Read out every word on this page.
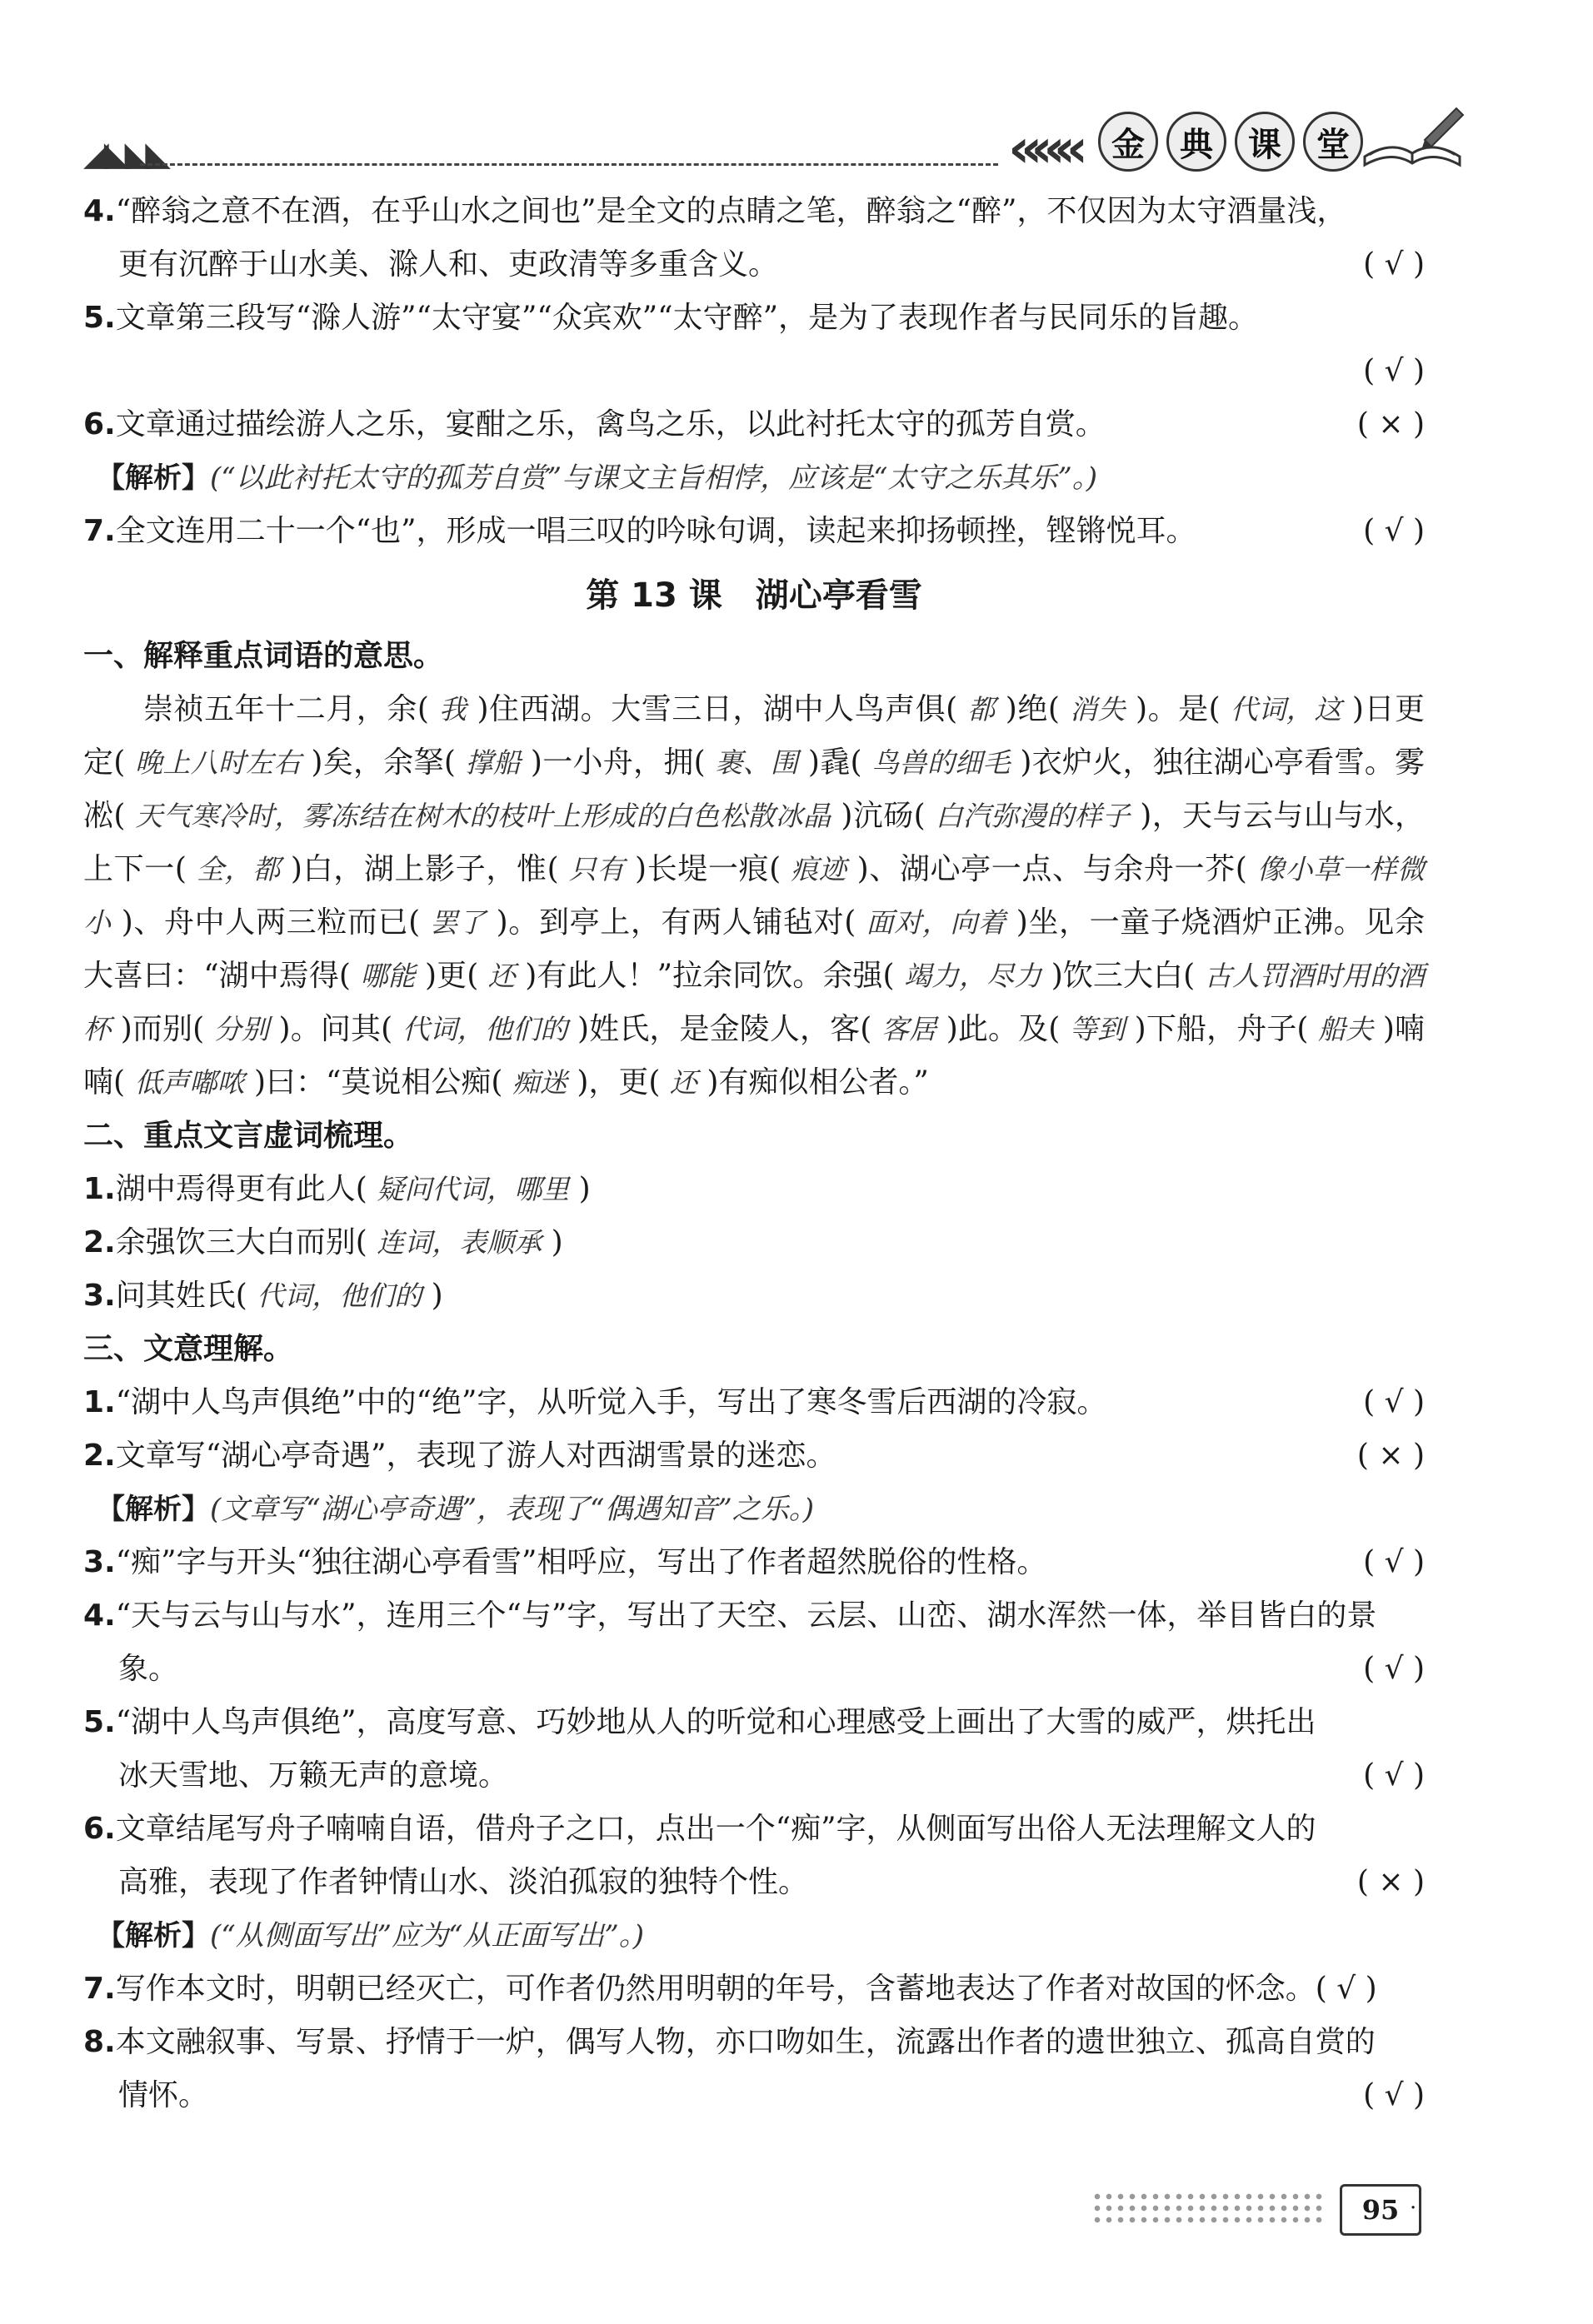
◢◣◣◣	«««	金	典	课	堂
4.“醉翁之意不在酒，在乎山水之间也”是全文的点睛之笔，醉翁之“醉”，不仅因为太守酒量浅，
更有沉醉于山水美、滁人和、吏政清等多重含义。	( √ )
5.文章第三段写“滁人游”“太守宴”“众宾欢”“太守醉”，是为了表现作者与民同乐的旨趣。
( √ )
6.文章通过描绘游人之乐，宴酣之乐，禽鸟之乐，以此衬托太守的孤芳自赏。	( × )
【解析】(“以此衬托太守的孤芳自赏”与课文主旨相悖，应该是“太守之乐其乐”。)
7.全文连用二十一个“也”，形成一唱三叹的吟咏句调，读起来抑扬顿挫，铿锵悦耳。	( √ )
第 13 课　湖心亭看雪
一、解释重点词语的意思。
崇祯五年十二月，余( 我 )住西湖。大雪三日，湖中人鸟声俱( 都 )绝( 消失 )。是( 代词，这 )日更定( 晚上八时左右 )矣，余拏( 撑船 )一小舟，拥( 裹、围 )毳( 鸟兽的细毛 )衣炉火，独往湖心亭看雪。雾凇( 天气寒冷时，雾冻结在树木的枝叶上形成的白色松散冰晶 )沆砀( 白汽弥漫的样子 )，天与云与山与水，上下一( 全，都 )白，湖上影子，惟( 只有 )长堤一痕( 痕迹 )、湖心亭一点、与余舟一芥( 像小草一样微小 )、舟中人两三粒而已( 罢了 )。到亭上，有两人铺毡对( 面对，向着 )坐，一童子烧酒炉正沸。见余大喜曰：“湖中焉得( 哪能 )更( 还 )有此人！”拉余同饮。余强( 竭力，尽力 )饮三大白( 古人罚酒时用的酒杯 )而别( 分别 )。问其( 代词，他们的 )姓氏，是金陵人，客( 客居 )此。及( 等到 )下船，舟子( 船夫 )喃喃( 低声嘟哝 )曰：“莫说相公痴( 痴迷 )，更( 还 )有痴似相公者。”
二、重点文言虚词梳理。
1.湖中焉得更有此人( 疑问代词，哪里 )
2.余强饮三大白而别( 连词，表顺承 )
3.问其姓氏( 代词，他们的 )
三、文意理解。
1.“湖中人鸟声俱绝”中的“绝”字，从听觉入手，写出了寒冬雪后西湖的冷寂。	( √ )
2.文章写“湖心亭奇遇”，表现了游人对西湖雪景的迷恋。	( × )
【解析】(文章写“湖心亭奇遇”，表现了“偶遇知音”之乐。)
3.“痴”字与开头“独往湖心亭看雪”相呼应，写出了作者超然脱俗的性格。	( √ )
4.“天与云与山与水”，连用三个“与”字，写出了天空、云层、山峦、湖水浑然一体，举目皆白的景
象。	( √ )
5.“湖中人鸟声俱绝”，高度写意、巧妙地从人的听觉和心理感受上画出了大雪的威严，烘托出
冰天雪地、万籁无声的意境。	( √ )
6.文章结尾写舟子喃喃自语，借舟子之口，点出一个“痴”字，从侧面写出俗人无法理解文人的
高雅，表现了作者钟情山水、淡泊孤寂的独特个性。	( × )
【解析】(“从侧面写出”应为“从正面写出”。)
7.写作本文时，明朝已经灭亡，可作者仍然用明朝的年号，含蓄地表达了作者对故国的怀念。( √ )
8.本文融叙事、写景、抒情于一炉，偶写人物，亦口吻如生，流露出作者的遗世独立、孤高自赏的
情怀。	( √ )
95 ·
